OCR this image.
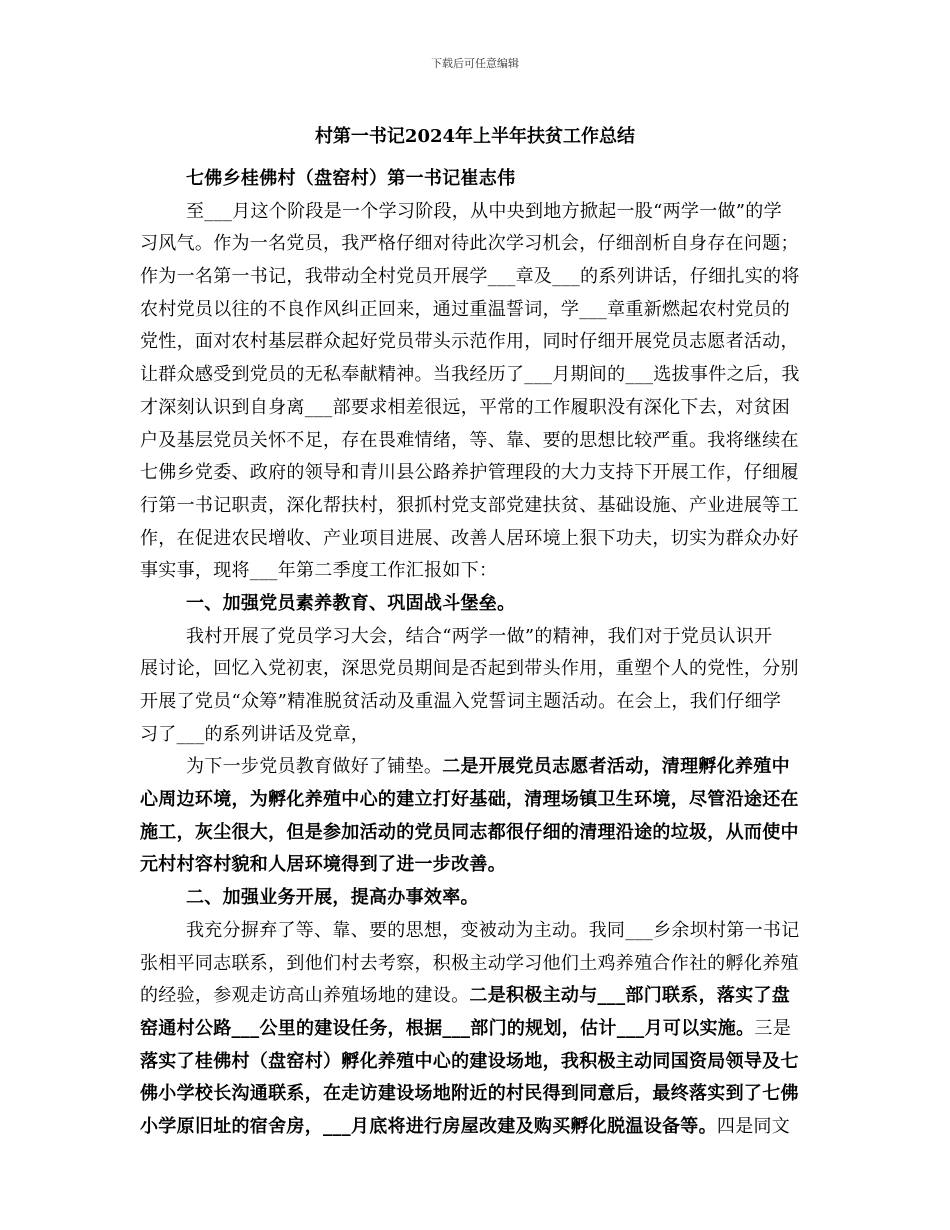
下载后可任意编辑
村第一书记2024年上半年扶贫工作总结
七佛乡桂佛村（盘窑村）第一书记崔志伟
至___月这个阶段是一个学习阶段，从中央到地方掀起一股“两学一做”的学
习风气。作为一名党员，我严格仔细对待此次学习机会，仔细剖析自身存在问题；
作为一名第一书记，我带动全村党员开展学___章及___的系列讲话，仔细扎实的将
农村党员以往的不良作风纠正回来，通过重温誓词，学___章重新燃起农村党员的
党性，面对农村基层群众起好党员带头示范作用，同时仔细开展党员志愿者活动，
让群众感受到党员的无私奉献精神。当我经历了___月期间的___选拔事件之后，我
才深刻认识到自身离___部要求相差很远，平常的工作履职没有深化下去，对贫困
户及基层党员关怀不足，存在畏难情绪，等、靠、要的思想比较严重。我将继续在
七佛乡党委、政府的领导和青川县公路养护管理段的大力支持下开展工作，仔细履
行第一书记职责，深化帮扶村，狠抓村党支部党建扶贫、基础设施、产业进展等工
作，在促进农民增收、产业项目进展、改善人居环境上狠下功夫，切实为群众办好
事实事，现将___年第二季度工作汇报如下：
一、加强党员素养教育、巩固战斗堡垒。
我村开展了党员学习大会，结合“两学一做”的精神，我们对于党员认识开
展讨论，回忆入党初衷，深思党员期间是否起到带头作用，重塑个人的党性，分别
开展了党员“众筹”精准脱贫活动及重温入党誓词主题活动。在会上，我们仔细学
习了___的系列讲话及党章，
为下一步党员教育做好了铺垫。二是开展党员志愿者活动，清理孵化养殖中
心周边环境，为孵化养殖中心的建立打好基础，清理场镇卫生环境，尽管沿途还在
施工，灰尘很大，但是参加活动的党员同志都很仔细的清理沿途的垃圾，从而使中
元村村容村貌和人居环境得到了进一步改善。
二、加强业务开展，提高办事效率。
我充分摒弃了等、靠、要的思想，变被动为主动。我同___乡余坝村第一书记
张相平同志联系，到他们村去考察，积极主动学习他们土鸡养殖合作社的孵化养殖
的经验，参观走访高山养殖场地的建设。二是积极主动与___部门联系，落实了盘
窑通村公路___公里的建设任务，根据___部门的规划，估计___月可以实施。三是
落实了桂佛村（盘窑村）孵化养殖中心的建设场地，我积极主动同国资局领导及七
佛小学校长沟通联系，在走访建设场地附近的村民得到同意后，最终落实到了七佛
小学原旧址的宿舍房，___月底将进行房屋改建及购买孵化脱温设备等。四是同文
